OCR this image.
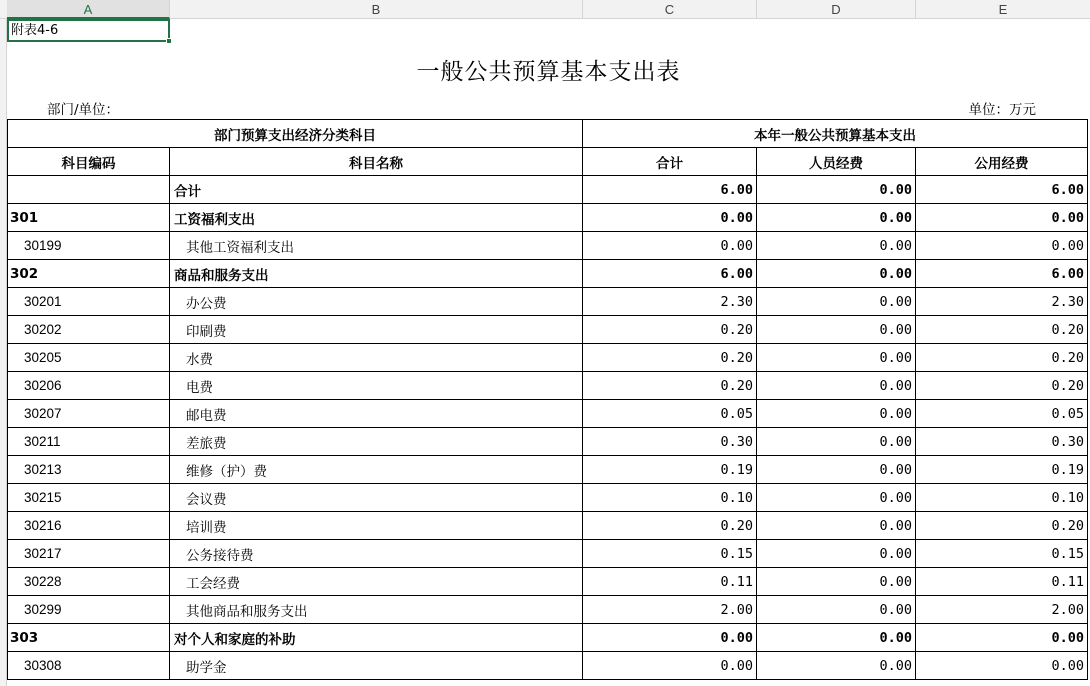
A	B	C	D	E
附表4-6
一般公共预算基本支出表
部门/单位：	单位：万元
部门预算支出经济分类科目		本年一般公共预算基本支出		
科目编码	科目名称	合计	人员经费	公用经费
	合计	6.00	0.00	6.00
301	工资福利支出	0.00	0.00	0.00
30199	其他工资福利支出	0.00	0.00	0.00
302	商品和服务支出	6.00	0.00	6.00
30201	办公费	2.30	0.00	2.30
30202	印刷费	0.20	0.00	0.20
30205	水费	0.20	0.00	0.20
30206	电费	0.20	0.00	0.20
30207	邮电费	0.05	0.00	0.05
30211	差旅费	0.30	0.00	0.30
30213	维修（护）费	0.19	0.00	0.19
30215	会议费	0.10	0.00	0.10
30216	培训费	0.20	0.00	0.20
30217	公务接待费	0.15	0.00	0.15
30228	工会经费	0.11	0.00	0.11
30299	其他商品和服务支出	2.00	0.00	2.00
303	对个人和家庭的补助	0.00	0.00	0.00
30308	助学金	0.00	0.00	0.00
